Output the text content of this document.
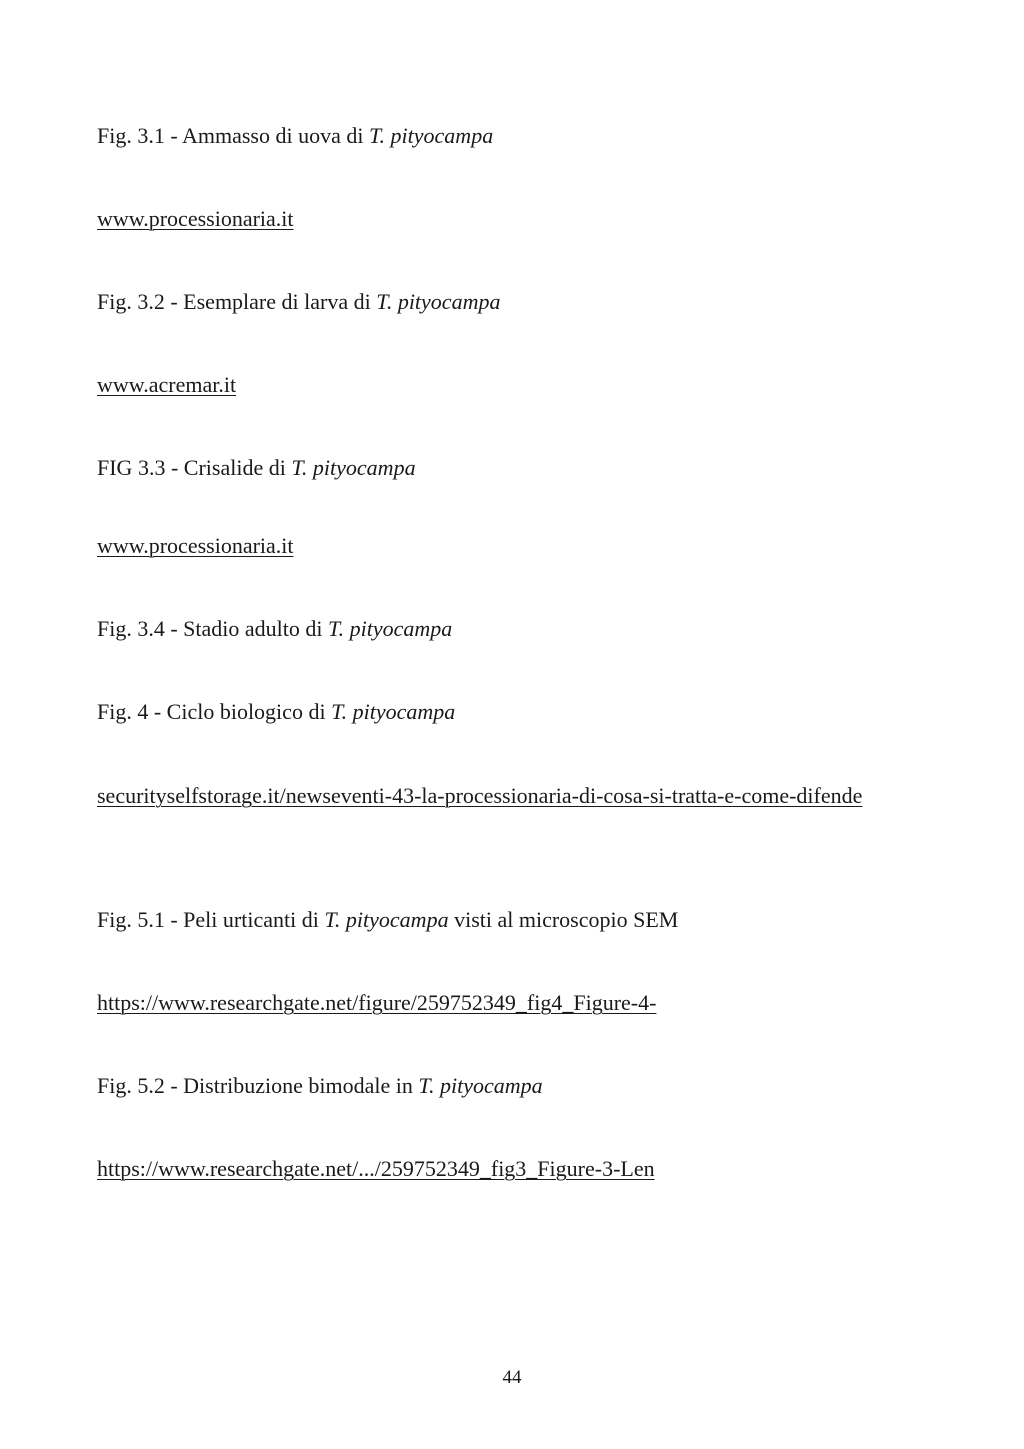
Fig. 3.1 - Ammasso di uova di T. pityocampa
www.processionaria.it
Fig. 3.2 - Esemplare di larva di T. pityocampa
www.acremar.it
FIG 3.3 - Crisalide di T. pityocampa
www.processionaria.it
Fig. 3.4 - Stadio adulto di T. pityocampa
Fig. 4 - Ciclo biologico di T. pityocampa
securityselfstorage.it/newseventi-43-la-processionaria-di-cosa-si-tratta-e-come-difende
Fig. 5.1 - Peli urticanti di T. pityocampa visti al microscopio SEM
https://www.researchgate.net/figure/259752349_fig4_Figure-4-
Fig. 5.2 - Distribuzione bimodale in T. pityocampa
https://www.researchgate.net/.../259752349_fig3_Figure-3-Len
44
